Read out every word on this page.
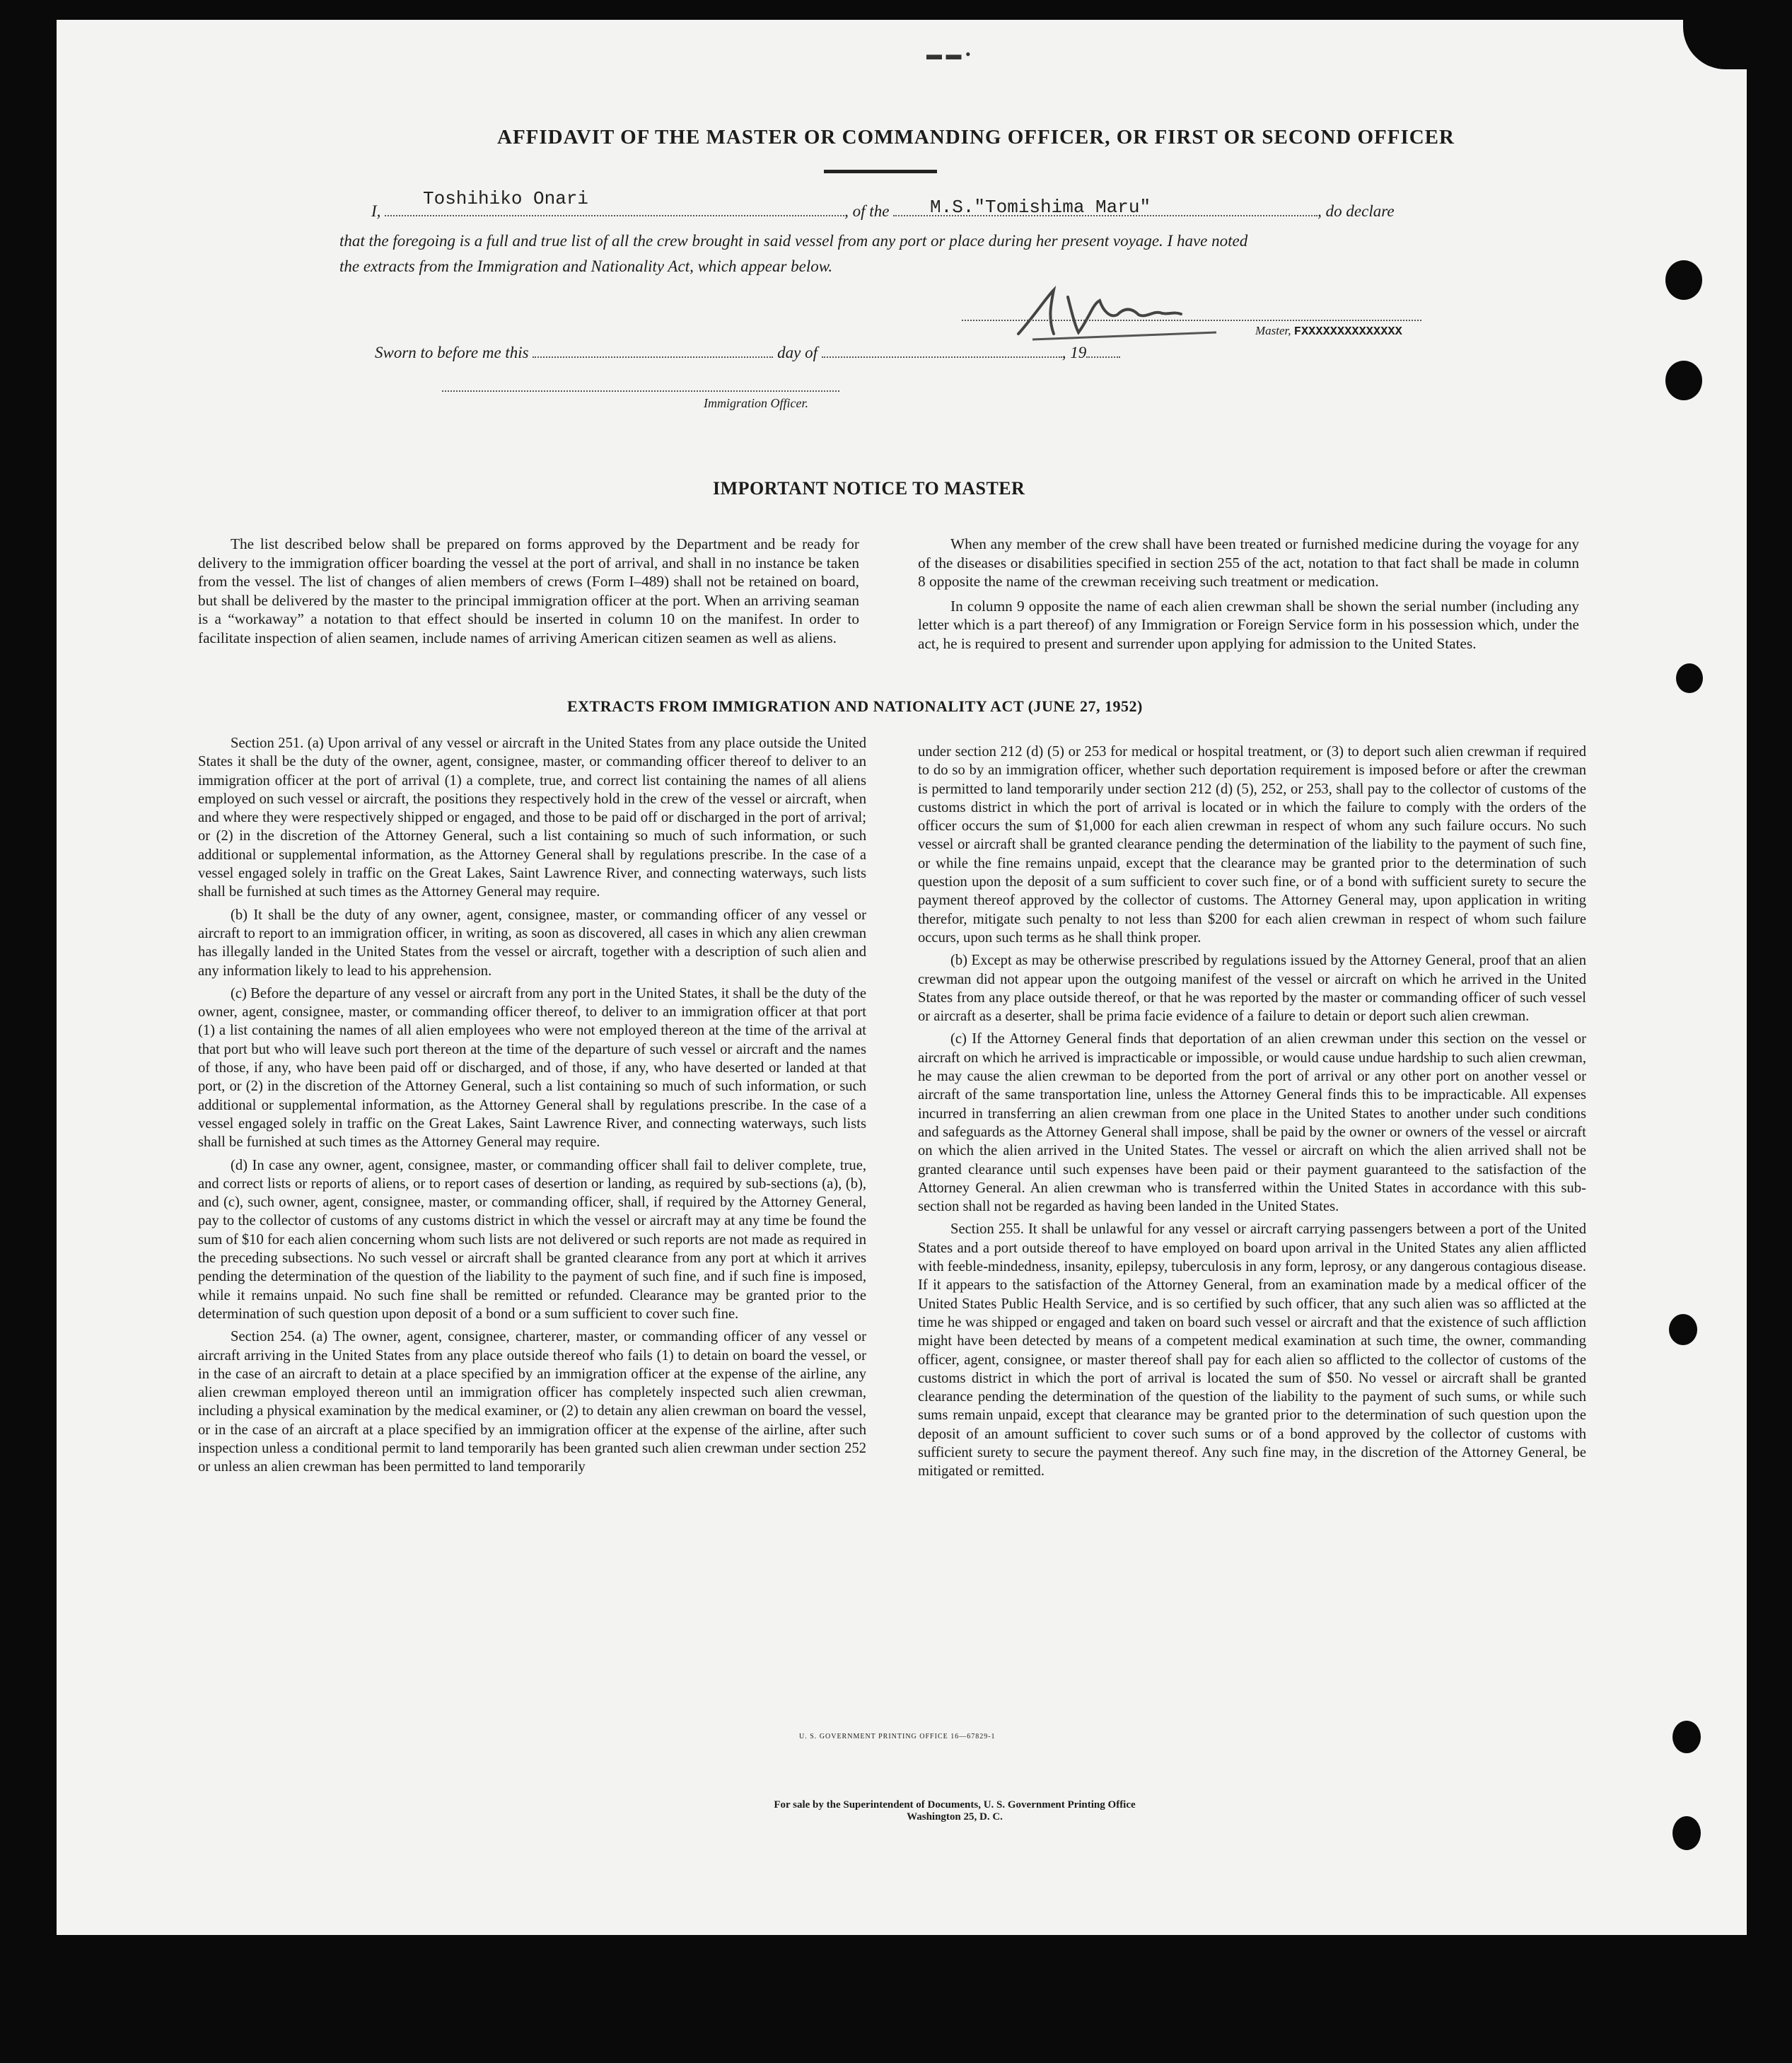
▬ ▬ •
AFFIDAVIT OF THE MASTER OR COMMANDING OFFICER, OR FIRST OR SECOND OFFICER
I,	, of the	, do declare
Toshihiko Onari	M.S."Tomishima Maru"
that the foregoing is a full and true list of all the crew brought in said vessel from any port or place during her present voyage. I have noted
the extracts from the Immigration and Nationality Act, which appear below.
Master, FXXXXXXXXXXXXXX
Sworn to before me this	day of	, 19
Immigration Officer.
IMPORTANT NOTICE TO MASTER

The list described below shall be prepared on forms approved by the Department and be ready for delivery to the immigration officer boarding the vessel at the port of arrival, and shall in no instance be taken from the vessel. The list of changes of alien members of crews (Form I–489) shall not be retained on board, but shall be delivered by the master to the principal immigration officer at the port. When an arriving seaman is a “workaway” a notation to that effect should be inserted in column 10 on the manifest. In order to facilitate inspection of alien seamen, include names of arriving American citizen seamen as well as aliens.

When any member of the crew shall have been treated or furnished medicine during the voyage for any of the diseases or disabilities specified in section 255 of the act, notation to that fact shall be made in column 8 opposite the name of the crewman receiving such treatment or medication.

In column 9 opposite the name of each alien crewman shall be shown the serial number (including any letter which is a part thereof) of any Immigration or Foreign Service form in his possession which, under the act, he is required to present and surrender upon applying for admission to the United States.

EXTRACTS FROM IMMIGRATION AND NATIONALITY ACT (JUNE 27, 1952)

Section 251. (a) Upon arrival of any vessel or aircraft in the United States from any place outside the United States it shall be the duty of the owner, agent, consignee, master, or commanding officer thereof to deliver to an immigration officer at the port of arrival (1) a complete, true, and correct list containing the names of all aliens employed on such vessel or aircraft, the positions they respectively hold in the crew of the vessel or aircraft, when and where they were respectively shipped or engaged, and those to be paid off or discharged in the port of arrival; or (2) in the discretion of the Attorney General, such a list containing so much of such information, or such additional or supplemental information, as the Attorney General shall by regulations prescribe. In the case of a vessel engaged solely in traffic on the Great Lakes, Saint Lawrence River, and connecting waterways, such lists shall be furnished at such times as the Attorney General may require.

(b) It shall be the duty of any owner, agent, consignee, master, or commanding officer of any vessel or aircraft to report to an immigration officer, in writing, as soon as discovered, all cases in which any alien crewman has illegally landed in the United States from the vessel or aircraft, together with a description of such alien and any information likely to lead to his apprehension.

(c) Before the departure of any vessel or aircraft from any port in the United States, it shall be the duty of the owner, agent, consignee, master, or commanding officer thereof, to deliver to an immigration officer at that port (1) a list containing the names of all alien employees who were not employed thereon at the time of the arrival at that port but who will leave such port thereon at the time of the departure of such vessel or aircraft and the names of those, if any, who have been paid off or discharged, and of those, if any, who have deserted or landed at that port, or (2) in the discretion of the Attorney General, such a list containing so much of such information, or such additional or supplemental information, as the Attorney General shall by regulations prescribe. In the case of a vessel engaged solely in traffic on the Great Lakes, Saint Lawrence River, and connecting waterways, such lists shall be furnished at such times as the Attorney General may require.

(d) In case any owner, agent, consignee, master, or commanding officer shall fail to deliver complete, true, and correct lists or reports of aliens, or to report cases of desertion or landing, as required by sub-sections (a), (b), and (c), such owner, agent, consignee, master, or commanding officer, shall, if required by the Attorney General, pay to the collector of customs of any customs district in which the vessel or aircraft may at any time be found the sum of $10 for each alien concerning whom such lists are not delivered or such reports are not made as required in the preceding subsections. No such vessel or aircraft shall be granted clearance from any port at which it arrives pending the determination of the question of the liability to the payment of such fine, and if such fine is imposed, while it remains unpaid. No such fine shall be remitted or refunded. Clearance may be granted prior to the determination of such question upon deposit of a bond or a sum sufficient to cover such fine.

Section 254. (a) The owner, agent, consignee, charterer, master, or commanding officer of any vessel or aircraft arriving in the United States from any place outside thereof who fails (1) to detain on board the vessel, or in the case of an aircraft to detain at a place specified by an immigration officer at the expense of the airline, any alien crewman employed thereon until an immigration officer has completely inspected such alien crewman, including a physical examination by the medical examiner, or (2) to detain any alien crewman on board the vessel, or in the case of an aircraft at a place specified by an immigration officer at the expense of the airline, after such inspection unless a conditional permit to land temporarily has been granted such alien crewman under section 252 or unless an alien crewman has been permitted to land temporarily

under section 212 (d) (5) or 253 for medical or hospital treatment, or (3) to deport such alien crewman if required to do so by an immigration officer, whether such deportation requirement is imposed before or after the crewman is permitted to land temporarily under section 212 (d) (5), 252, or 253, shall pay to the collector of customs of the customs district in which the port of arrival is located or in which the failure to comply with the orders of the officer occurs the sum of $1,000 for each alien crewman in respect of whom any such failure occurs. No such vessel or aircraft shall be granted clearance pending the determination of the liability to the payment of such fine, or while the fine remains unpaid, except that the clearance may be granted prior to the determination of such question upon the deposit of a sum sufficient to cover such fine, or of a bond with sufficient surety to secure the payment thereof approved by the collector of customs. The Attorney General may, upon application in writing therefor, mitigate such penalty to not less than $200 for each alien crewman in respect of whom such failure occurs, upon such terms as he shall think proper.

(b) Except as may be otherwise prescribed by regulations issued by the Attorney General, proof that an alien crewman did not appear upon the outgoing manifest of the vessel or aircraft on which he arrived in the United States from any place outside thereof, or that he was reported by the master or commanding officer of such vessel or aircraft as a deserter, shall be prima facie evidence of a failure to detain or deport such alien crewman.

(c) If the Attorney General finds that deportation of an alien crewman under this section on the vessel or aircraft on which he arrived is impracticable or impossible, or would cause undue hardship to such alien crewman, he may cause the alien crewman to be deported from the port of arrival or any other port on another vessel or aircraft of the same transportation line, unless the Attorney General finds this to be impracticable. All expenses incurred in transferring an alien crewman from one place in the United States to another under such conditions and safeguards as the Attorney General shall impose, shall be paid by the owner or owners of the vessel or aircraft on which the alien arrived in the United States. The vessel or aircraft on which the alien arrived shall not be granted clearance until such expenses have been paid or their payment guaranteed to the satisfaction of the Attorney General. An alien crewman who is transferred within the United States in accordance with this sub-section shall not be regarded as having been landed in the United States.

Section 255. It shall be unlawful for any vessel or aircraft carrying passengers between a port of the United States and a port outside thereof to have employed on board upon arrival in the United States any alien afflicted with feeble-mindedness, insanity, epilepsy, tuberculosis in any form, leprosy, or any dangerous contagious disease. If it appears to the satisfaction of the Attorney General, from an examination made by a medical officer of the United States Public Health Service, and is so certified by such officer, that any such alien was so afflicted at the time he was shipped or engaged and taken on board such vessel or aircraft and that the existence of such affliction might have been detected by means of a competent medical examination at such time, the owner, commanding officer, agent, consignee, or master thereof shall pay for each alien so afflicted to the collector of customs of the customs district in which the port of arrival is located the sum of $50. No vessel or aircraft shall be granted clearance pending the determination of the question of the liability to the payment of such sums, or while such sums remain unpaid, except that clearance may be granted prior to the determination of such question upon the deposit of an amount sufficient to cover such sums or of a bond approved by the collector of customs with sufficient surety to secure the payment thereof. Any such fine may, in the discretion of the Attorney General, be mitigated or remitted.

U. S. GOVERNMENT PRINTING OFFICE 16—67829-1
For sale by the Superintendent of Documents, U. S. Government Printing Office
Washington 25, D. C.
